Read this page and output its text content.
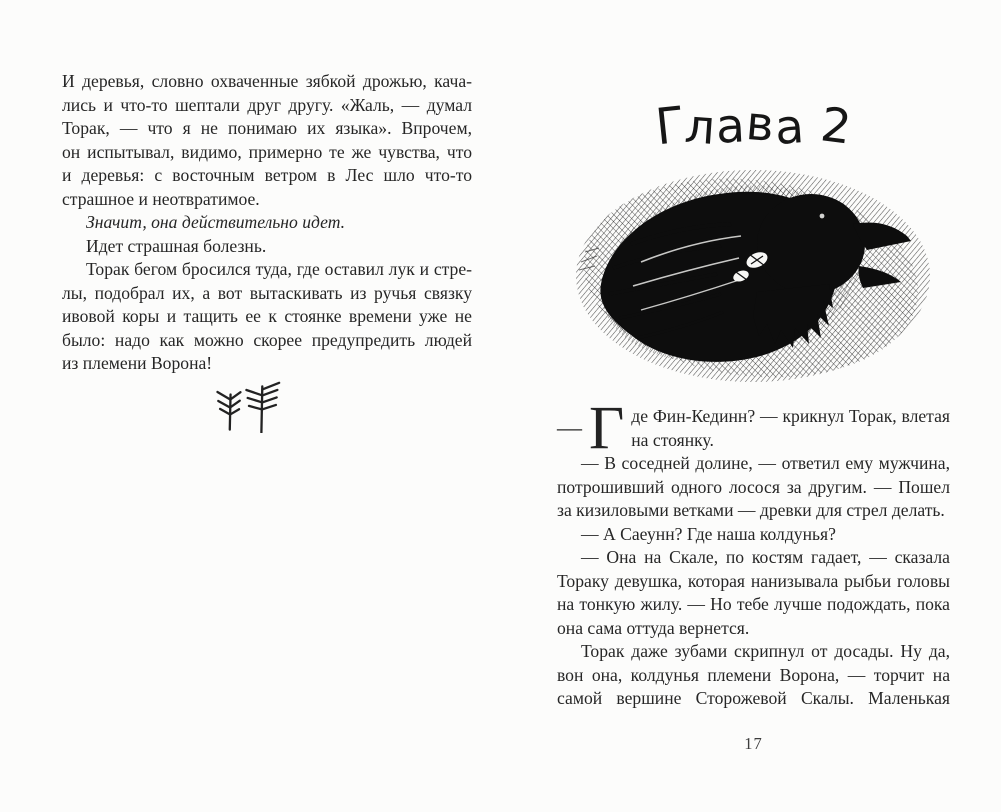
И деревья, словно охваченные зябкой дрожью, кача-
лись и что-то шептали друг другу. «Жаль, — думал
Торак, — что я не понимаю их языка». Впрочем,
он испытывал, видимо, примерно те же чувства, что
и деревья: с восточным ветром в Лес шло что-то
страшное и неотвратимое.
Значит, она действительно идет.
Идет страшная болезнь.
Торак бегом бросился туда, где оставил лук и стре-
лы, подобрал их, а вот вытаскивать из ручья связку
ивовой коры и тащить ее к стоянке времени уже не
было: надо как можно скорее предупредить людей
из племени Ворона!
Глава 2
— Г де Фин-Кединн? — крикнул Торак, влетая
на стоянку.
— В соседней долине, — ответил ему мужчина,
потрошивший одного лосося за другим. — Пошел
за кизиловыми ветками — древки для стрел делать.
— А Саеунн? Где наша колдунья?
— Она на Скале, по костям гадает, — сказала
Тораку девушка, которая нанизывала рыбьи головы
на тонкую жилу. — Но тебе лучше подождать, пока
она сама оттуда вернется.
Торак даже зубами скрипнул от досады. Ну да,
вон она, колдунья племени Ворона, — торчит на
самой вершине Сторожевой Скалы. Маленькая
17
